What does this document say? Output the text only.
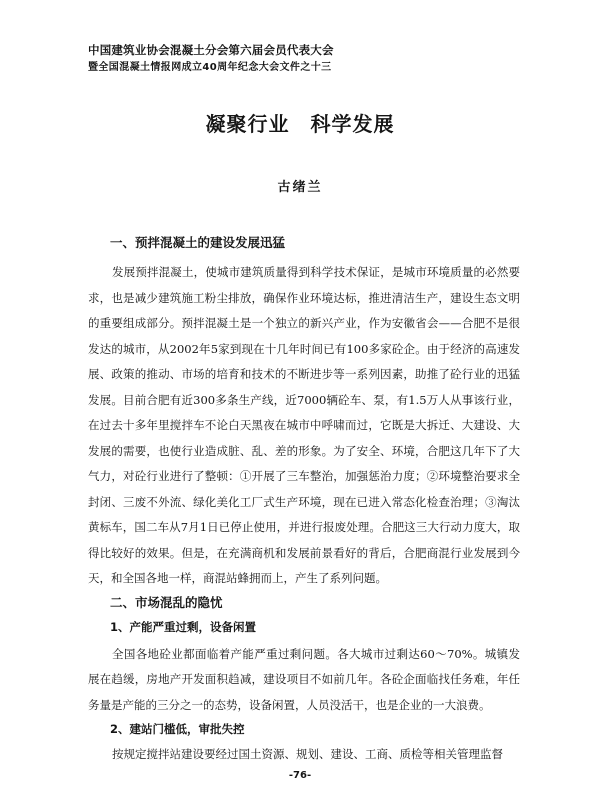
中国建筑业协会混凝土分会第六届会员代表大会
暨全国混凝土情报网成立40周年纪念大会文件之十三
凝聚行业　科学发展
古绪兰
一、预拌混凝土的建设发展迅猛

发展预拌混凝土，使城市建筑质量得到科学技术保证，是城市环境质量的必然要求，也是减少建筑施工粉尘排放，确保作业环境达标，推进清洁生产，建设生态文明的重要组成部分。预拌混凝土是一个独立的新兴产业，作为安徽省会——合肥不是很发达的城市，从2002年5家到现在十几年时间已有100多家砼企。由于经济的高速发展、政策的推动、市场的培育和技术的不断进步等一系列因素，助推了砼行业的迅猛发展。目前合肥有近300多条生产线，近7000辆砼车、泵，有1.5万人从事该行业，在过去十多年里搅拌车不论白天黑夜在城市中呼啸而过，它既是大拆迁、大建设、大发展的需要，也使行业造成脏、乱、差的形象。为了安全、环境，合肥这几年下了大气力，对砼行业进行了整顿：①开展了三车整治，加强惩治力度；②环境整治要求全封闭、三废不外流、绿化美化工厂式生产环境，现在已进入常态化检查治理；③淘汰黄标车，国二车从7月1日已停止使用，并进行报废处理。合肥这三大行动力度大，取得比较好的效果。但是，在充满商机和发展前景看好的背后，合肥商混行业发展到今天，和全国各地一样，商混站蜂拥而上，产生了系列问题。

二、市场混乱的隐忧
1、产能严重过剩，设备闲置

全国各地砼业都面临着产能严重过剩问题。各大城市过剩达60～70%。城镇发展在趋缓，房地产开发面积趋减，建设项目不如前几年。各砼企面临找任务难，年任务量是产能的三分之一的态势，设备闲置，人员没活干，也是企业的一大浪费。

2、建站门槛低，审批失控

按规定搅拌站建设要经过国土资源、规划、建设、工商、质检等相关管理监督

-76-
